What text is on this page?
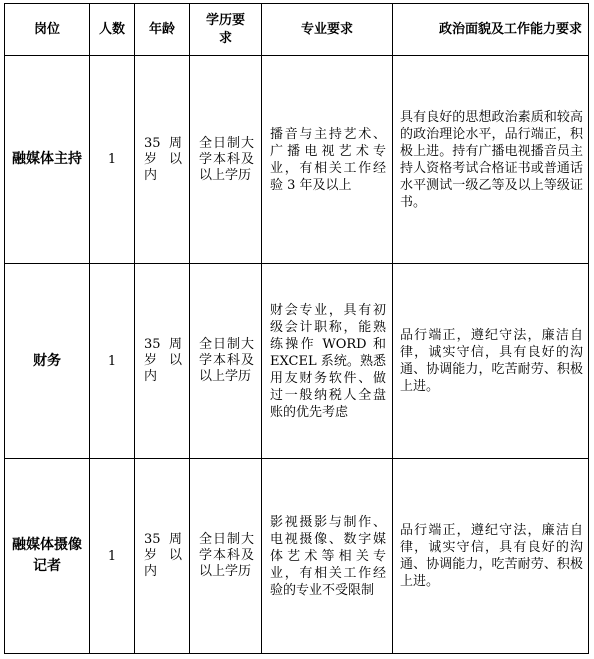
岗位	人数	年龄	学历要求	专业要求	政治面貌及工作能力要求
融媒体主持	1	35 周岁以内	全日制大学本科及以上学历	播音与主持艺术、广播电视艺术专业，有相关工作经验 3 年及以上	具有良好的思想政治素质和较高的政治理论水平，品行端正，积极上进。持有广播电视播音员主持人资格考试合格证书或普通话水平测试一级乙等及以上等级证书。
财务	1	35 周岁以内	全日制大学本科及以上学历	财会专业，具有初级会计职称，能熟练操作 WORD 和 EXCEL 系统。熟悉用友财务软件、做过一般纳税人全盘账的优先考虑	品行端正，遵纪守法，廉洁自律，诚实守信，具有良好的沟通、协调能力，吃苦耐劳、积极上进。
融媒体摄像记者	1	35 周岁以内	全日制大学本科及以上学历	影视摄影与制作、电视摄像、数字媒体艺术等相关专业，有相关工作经验的专业不受限制	品行端正，遵纪守法，廉洁自律，诚实守信，具有良好的沟通、协调能力，吃苦耐劳、积极上进。
